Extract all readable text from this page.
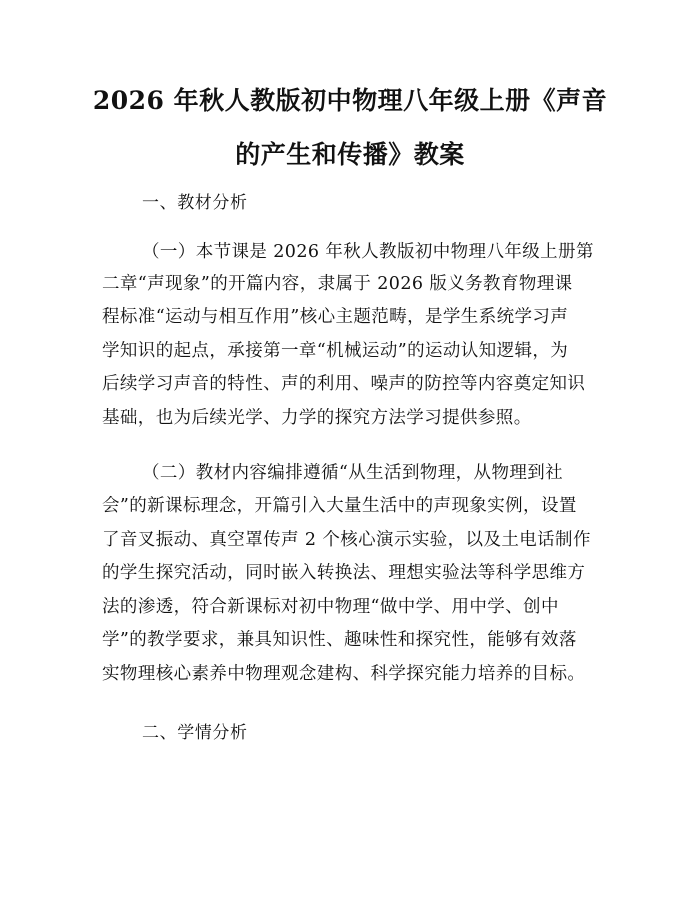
2026 年秋人教版初中物理八年级上册《声音
的产生和传播》教案
一、教材分析
（一）本节课是 2026 年秋人教版初中物理八年级上册第
二章“声现象”的开篇内容，隶属于 2026 版义务教育物理课
程标准“运动与相互作用”核心主题范畴，是学生系统学习声
学知识的起点，承接第一章“机械运动”的运动认知逻辑，为
后续学习声音的特性、声的利用、噪声的防控等内容奠定知识
基础，也为后续光学、力学的探究方法学习提供参照。
（二）教材内容编排遵循“从生活到物理，从物理到社
会”的新课标理念，开篇引入大量生活中的声现象实例，设置
了音叉振动、真空罩传声 2 个核心演示实验，以及土电话制作
的学生探究活动，同时嵌入转换法、理想实验法等科学思维方
法的渗透，符合新课标对初中物理“做中学、用中学、创中
学”的教学要求，兼具知识性、趣味性和探究性，能够有效落
实物理核心素养中物理观念建构、科学探究能力培养的目标。
二、学情分析
